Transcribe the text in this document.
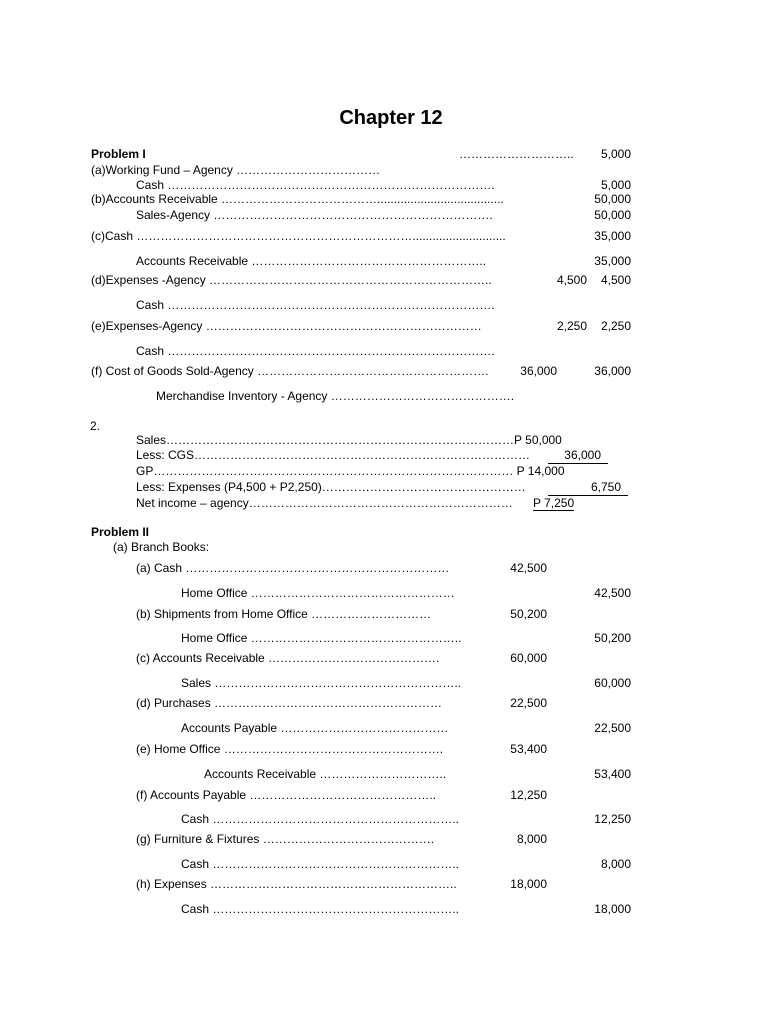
Chapter 12
Problem I	………………………..	5,000
(a)Working Fund – Agency ………………………………
Cash ……………………………………………………………………….	5,000
(b)Accounts Receivable …………………………………......................................	50,000
Sales-Agency …………………………………………………………….	50,000
(c)Cash ……………………………………………………………............................	35,000
Accounts Receivable …………………………………………………..	35,000
(d)Expenses -Agency ……………………………………………………………..	4,500	4,500
Cash ……………………………………………………………………….
(e)Expenses-Agency ……………………………………………………………	2,250	2,250
Cash ……………………………………………………………………….
(f) Cost of Goods Sold-Agency ………………………………………………….	36,000	36,000
Merchandise Inventory - Agency ……………………………………….
2.
Sales……………………………………………………………………………P 50,000
Less: CGS…………………………………………………………………………	36,000
GP……………………………………………………………………………… P 14,000
Less: Expenses (P4,500 + P2,250)……………………………………………	6,750
Net income – agency………………………………………………………… P 7,250
Problem II
(a) Branch Books:
(a) Cash …………………………………………………………	42,500
Home Office ……………………………………………	42,500
(b) Shipments from Home Office …………………………	50,200
Home Office ……………………………………………..	50,200
(c) Accounts Receivable …………………………………….	60,000
Sales ……………………………………………………..	60,000
(d) Purchases …………………………………………………	22,500
Accounts Payable ……………………………………	22,500
(e) Home Office ……………………………………………….	53,400
Accounts Receivable …………………………..	53,400
(f) Accounts Payable ………………………………………..	12,250
Cash ……………………………………………………..	12,250
(g) Furniture & Fixtures …………………………………….	8,000
Cash ……………………………………………………..	8,000
(h) Expenses ……………………………………………………..	18,000
Cash ……………………………………………………..	18,000
